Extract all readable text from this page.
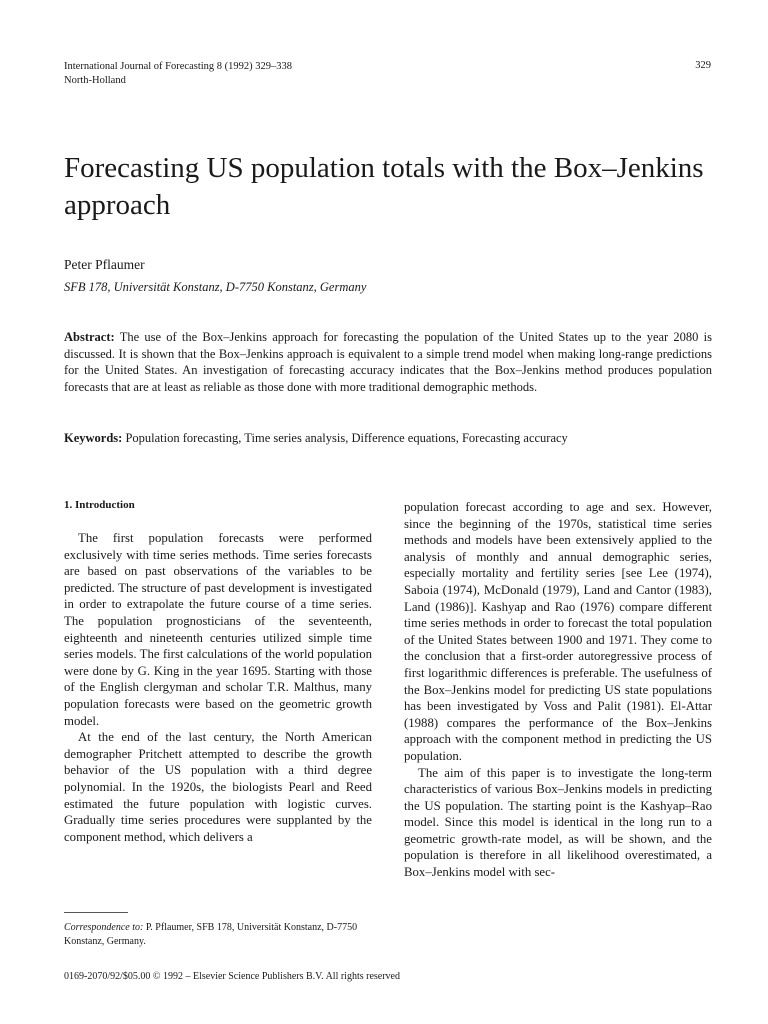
International Journal of Forecasting 8 (1992) 329–338
North-Holland
329
Forecasting US population totals with the Box–Jenkins approach
Peter Pflaumer
SFB 178, Universität Konstanz, D-7750 Konstanz, Germany

Abstract: The use of the Box–Jenkins approach for forecasting the population of the United States up to the year 2080 is discussed. It is shown that the Box–Jenkins approach is equivalent to a simple trend model when making long-range predictions for the United States. An investigation of forecasting accuracy indicates that the Box–Jenkins method produces population forecasts that are at least as reliable as those done with more traditional demographic methods.

Keywords: Population forecasting, Time series analysis, Difference equations, Forecasting accuracy

1. Introduction

The first population forecasts were performed exclusively with time series methods. Time series forecasts are based on past observations of the variables to be predicted. The structure of past development is investigated in order to extrapolate the future course of a time series. The population prognosticians of the seventeenth, eighteenth and nineteenth centuries utilized simple time series models. The first calculations of the world population were done by G. King in the year 1695. Starting with those of the English clergyman and scholar T.R. Malthus, many population forecasts were based on the geometric growth model.

At the end of the last century, the North American demographer Pritchett attempted to describe the growth behavior of the US population with a third degree polynomial. In the 1920s, the biologists Pearl and Reed estimated the future population with logistic curves. Gradually time series procedures were supplanted by the component method, which delivers a

population forecast according to age and sex. However, since the beginning of the 1970s, statistical time series methods and models have been extensively applied to the analysis of monthly and annual demographic series, especially mortality and fertility series [see Lee (1974), Saboia (1974), McDonald (1979), Land and Cantor (1983), Land (1986)]. Kashyap and Rao (1976) compare different time series methods in order to forecast the total population of the United States between 1900 and 1971. They come to the conclusion that a first-order autoregressive process of first logarithmic differences is preferable. The usefulness of the Box–Jenkins model for predicting US state populations has been investigated by Voss and Palit (1981). El-Attar (1988) compares the performance of the Box–Jenkins approach with the component method in predicting the US population.

The aim of this paper is to investigate the long-term characteristics of various Box–Jenkins models in predicting the US population. The starting point is the Kashyap–Rao model. Since this model is identical in the long run to a geometric growth-rate model, as will be shown, and the population is therefore in all likelihood overestimated, a Box–Jenkins model with sec-

Correspondence to: P. Pflaumer, SFB 178, Universität Konstanz, D-7750 Konstanz, Germany.
0169-2070/92/$05.00 © 1992 – Elsevier Science Publishers B.V. All rights reserved
